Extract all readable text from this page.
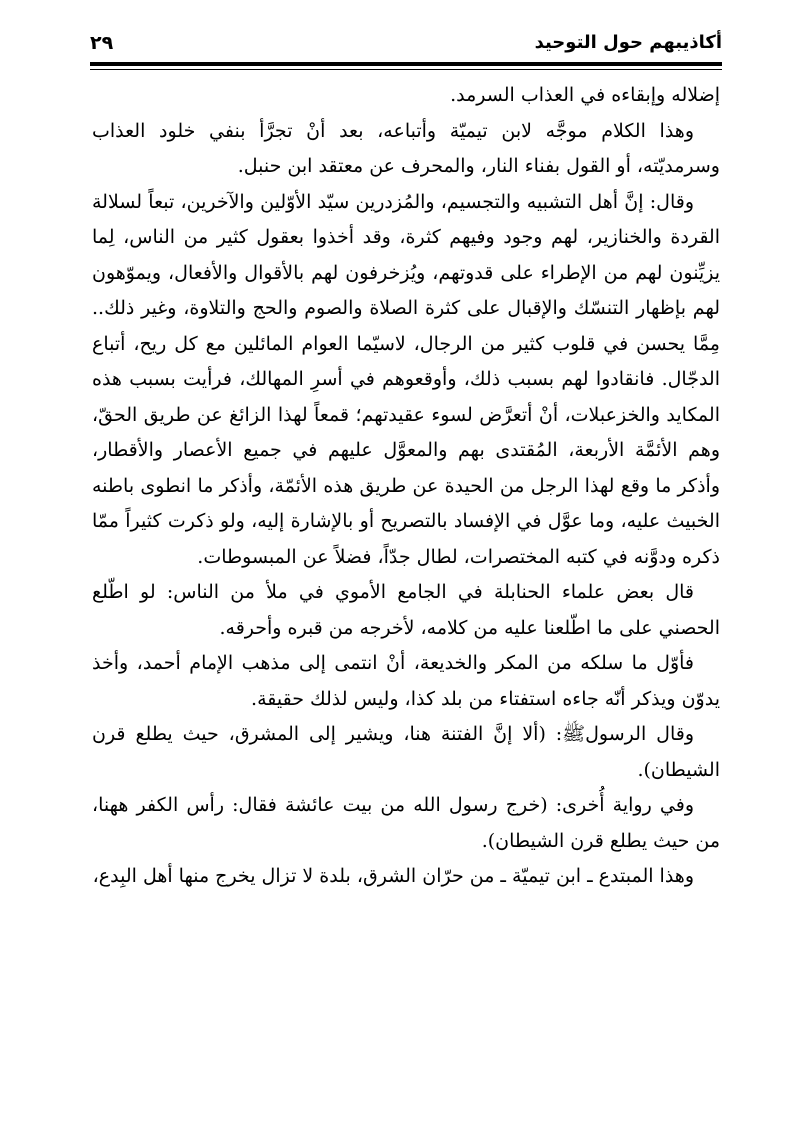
أكاذيبهم حول التوحيد
٢٩

إضلاله وإبقاءه في العذاب السرمد.

وهذا الكلام موجَّه لابن تيميّة وأتباعه، بعد أنْ تجرَّأ بنفي خلود العذاب وسرمديّته، أو القول بفناء النار، والمحرف عن معتقد ابن حنبل.

وقال: إنَّ أهل التشبيه والتجسيم، والمُزدرين سيّد الأوّلين والآخرين، تبعاً لسلالة القردة والخنازير، لهم وجود وفيهم كثرة، وقد أخذوا بعقول كثير من الناس، لِما يزيِّنون لهم من الإطراء على قدوتهم، ويُزخرفون لهم بالأقوال والأفعال، ويموّهون لهم بإظهار التنسّك والإقبال على كثرة الصلاة والصوم والحج والتلاوة، وغير ذلك.. مِمَّا يحسن في قلوب كثير من الرجال، لاسيّما العوام المائلين مع كل ريح، أتباع الدجّال. فانقادوا لهم بسبب ذلك، وأوقعوهم في أسرِ المهالك، فرأيت بسبب هذه المكايد والخزعبلات، أنْ أتعرَّض لسوء عقيدتهم؛ قمعاً لهذا الزائغ عن طريق الحقّ، وهم الأئمَّة الأربعة، المُقتدى بهم والمعوَّل عليهم في جميع الأعصار والأقطار، وأذكر ما وقع لهذا الرجل من الحيدة عن طريق هذه الأئمّة، وأذكر ما انطوى باطنه الخبيث عليه، وما عوَّل في الإفساد بالتصريح أو بالإشارة إليه، ولو ذكرت كثيراً ممّا ذكره ودوَّنه في كتبه المختصرات، لطال جدّاً، فضلاً عن المبسوطات.

قال بعض علماء الحنابلة في الجامع الأموي في ملأ من الناس: لو اطّلع الحصني على ما اطّلعنا عليه من كلامه، لأخرجه من قبره وأحرقه.

فأوّل ما سلكه من المكر والخديعة، أنْ انتمى إلى مذهب الإمام أحمد، وأخذ يدوّن ويذكر أنّه جاءه استفتاء من بلد كذا، وليس لذلك حقيقة.

وقال الرسولﷺ: (ألا إنَّ الفتنة هنا، ويشير إلى المشرق، حيث يطلع قرن الشيطان).

وفي رواية أُخرى: (خرج رسول الله من بيت عائشة فقال: رأس الكفر ههنا، من حيث يطلع قرن الشيطان).

وهذا المبتدع ـ ابن تيميّة ـ من حرّان الشرق، بلدة لا تزال يخرج منها أهل البِدع،
